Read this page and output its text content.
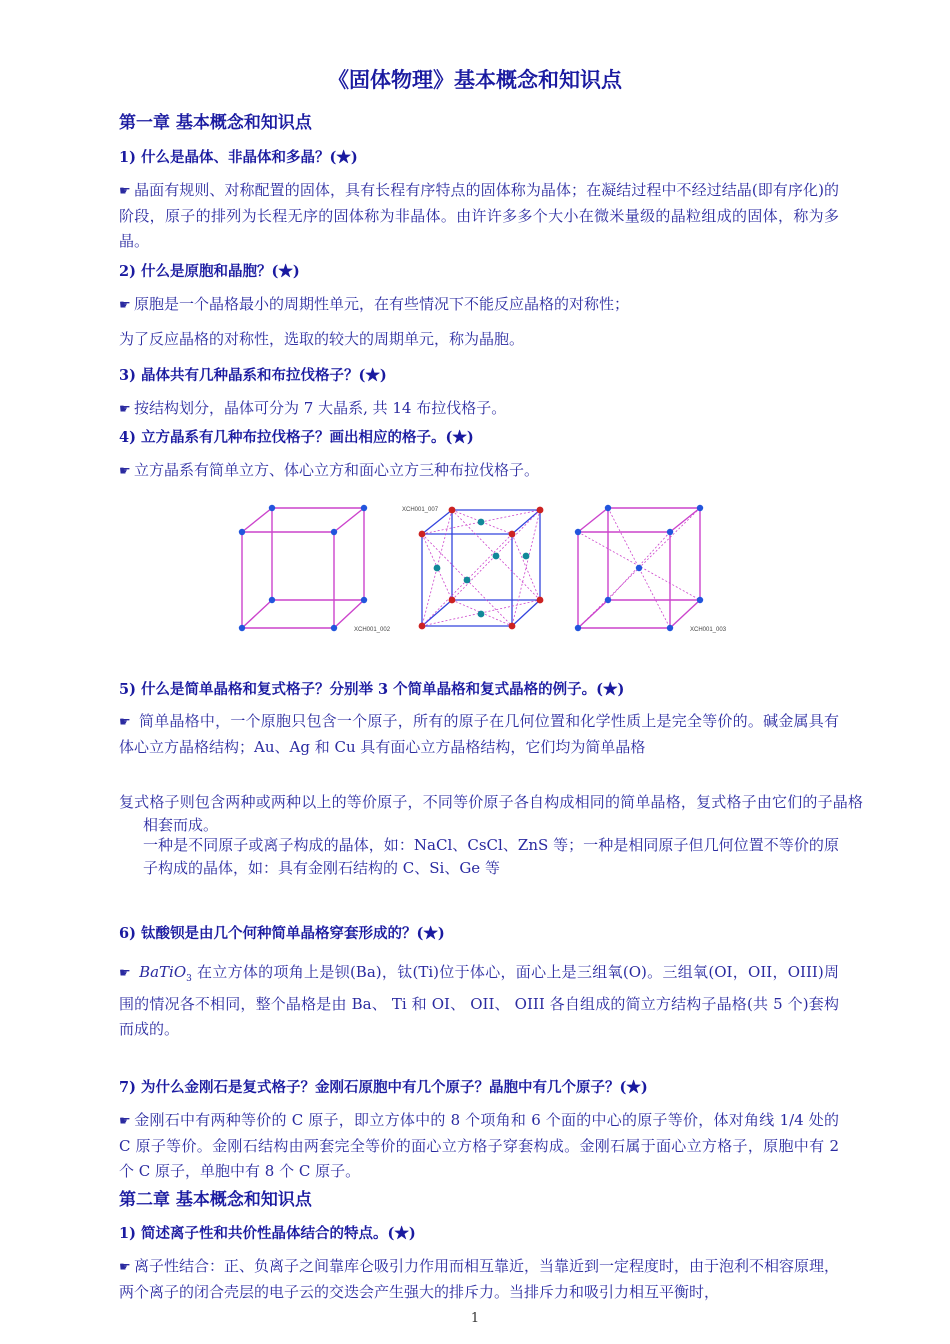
《固体物理》基本概念和知识点
第一章 基本概念和知识点
1) 什么是晶体、非晶体和多晶？(★)
☛ 晶面有规则、对称配置的固体，具有长程有序特点的固体称为晶体；在凝结过程中不经过结晶(即有序化)的阶段，原子的排列为长程无序的固体称为非晶体。由许许多多个大小在微米量级的晶粒组成的固体，称为多晶。
2) 什么是原胞和晶胞？(★)
☛ 原胞是一个晶格最小的周期性单元，在有些情况下不能反应晶格的对称性；
为了反应晶格的对称性，选取的较大的周期单元，称为晶胞。
3) 晶体共有几种晶系和布拉伐格子？(★)
☛ 按结构划分，晶体可分为 7 大晶系, 共 14 布拉伐格子。
4) 立方晶系有几种布拉伐格子？画出相应的格子。(★)
☛ 立方晶系有简单立方、体心立方和面心立方三种布拉伐格子。
XCH001_002
XCH001_007
XCH001_003
5) 什么是简单晶格和复式格子？分别举 3 个简单晶格和复式晶格的例子。(★)
☛ 简单晶格中，一个原胞只包含一个原子，所有的原子在几何位置和化学性质上是完全等价的。碱金属具有体心立方晶格结构；Au、Ag 和 Cu 具有面心立方晶格结构，它们均为简单晶格
复式格子则包含两种或两种以上的等价原子，不同等价原子各自构成相同的简单晶格，复式格子由它们的子晶格相套而成。
一种是不同原子或离子构成的晶体，如：NaCl、CsCl、ZnS 等；一种是相同原子但几何位置不等价的原子构成的晶体，如：具有金刚石结构的 C、Si、Ge 等
6) 钛酸钡是由几个何种简单晶格穿套形成的？(★)
☛ BaTiO$_3$ 在立方体的项角上是钡(Ba)，钛(Ti)位于体心，面心上是三组氧(O)。三组氧(OI，OII，OIII)周围的情况各不相同，整个晶格是由 Ba、 Ti 和 OI、 OII、 OIII 各自组成的简立方结构子晶格(共 5 个)套构而成的。
7) 为什么金刚石是复式格子？金刚石原胞中有几个原子？晶胞中有几个原子？(★)
☛ 金刚石中有两种等价的 C 原子，即立方体中的 8 个项角和 6 个面的中心的原子等价，体对角线 1/4 处的 C 原子等价。金刚石结构由两套完全等价的面心立方格子穿套构成。金刚石属于面心立方格子，原胞中有 2 个 C 原子，单胞中有 8 个 C 原子。
第二章 基本概念和知识点
1) 简述离子性和共价性晶体结合的特点。(★)
☛ 离子性结合：正、负离子之间靠库仑吸引力作用而相互靠近，当靠近到一定程度时，由于泡利不相容原理，两个离子的闭合壳层的电子云的交迭会产生强大的排斥力。当排斥力和吸引力相互平衡时，
1
